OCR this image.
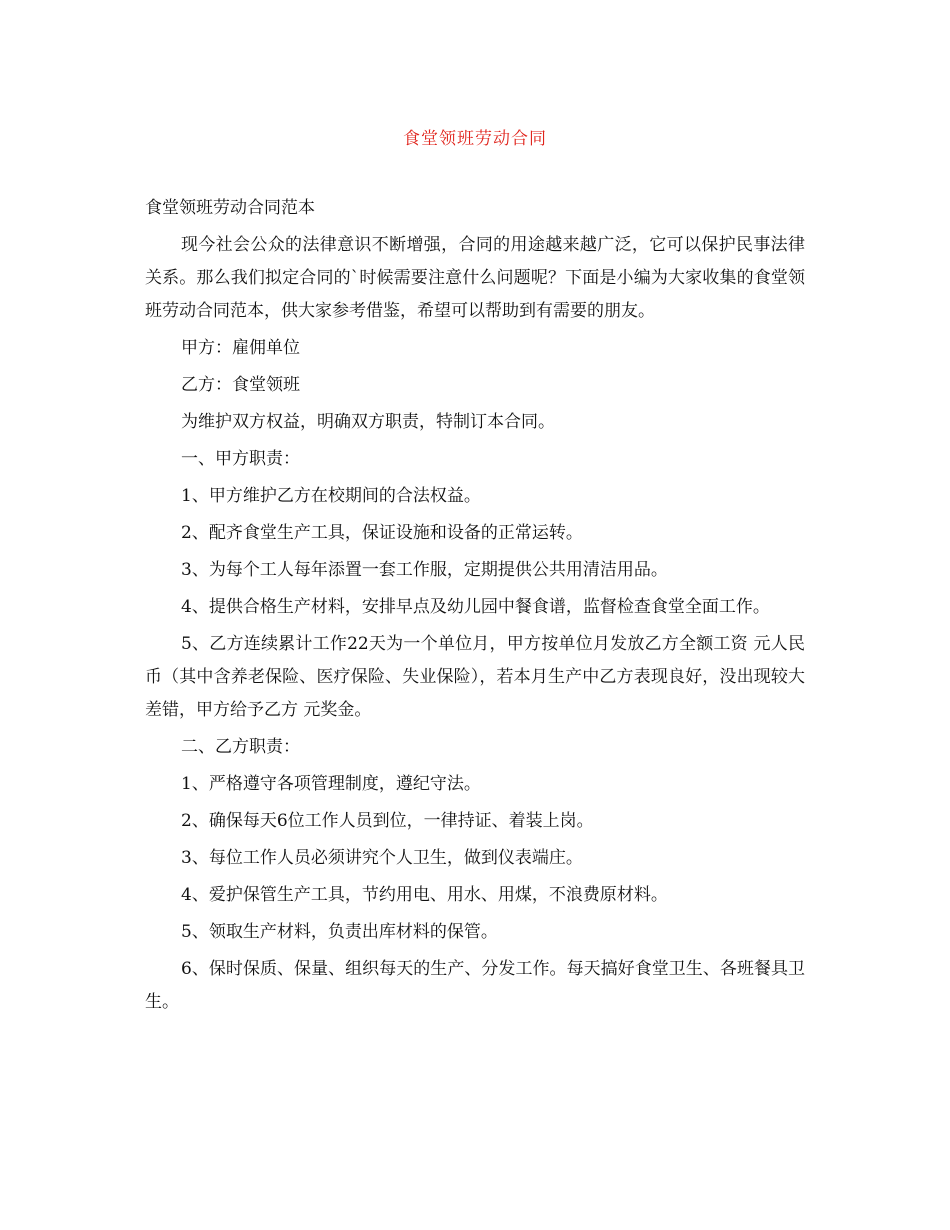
食堂领班劳动合同
食堂领班劳动合同范本

现今社会公众的法律意识不断增强，合同的用途越来越广泛，它可以保护民事法律关系。那么我们拟定合同的`时候需要注意什么问题呢？下面是小编为大家收集的食堂领班劳动合同范本，供大家参考借鉴，希望可以帮助到有需要的朋友。

甲方：雇佣单位

乙方：食堂领班

为维护双方权益，明确双方职责，特制订本合同。

一、甲方职责：

1、甲方维护乙方在校期间的合法权益。

2、配齐食堂生产工具，保证设施和设备的正常运转。

3、为每个工人每年添置一套工作服，定期提供公共用清洁用品。

4、提供合格生产材料，安排早点及幼儿园中餐食谱，监督检查食堂全面工作。

5、乙方连续累计工作22天为一个单位月，甲方按单位月发放乙方全额工资 元人民币（其中含养老保险、医疗保险、失业保险），若本月生产中乙方表现良好，没出现较大差错，甲方给予乙方 元奖金。

二、乙方职责：

1、严格遵守各项管理制度，遵纪守法。

2、确保每天6位工作人员到位，一律持证、着装上岗。

3、每位工作人员必须讲究个人卫生，做到仪表端庄。

4、爱护保管生产工具，节约用电、用水、用煤，不浪费原材料。

5、领取生产材料，负责出库材料的保管。

6、保时保质、保量、组织每天的生产、分发工作。每天搞好食堂卫生、各班餐具卫生。
